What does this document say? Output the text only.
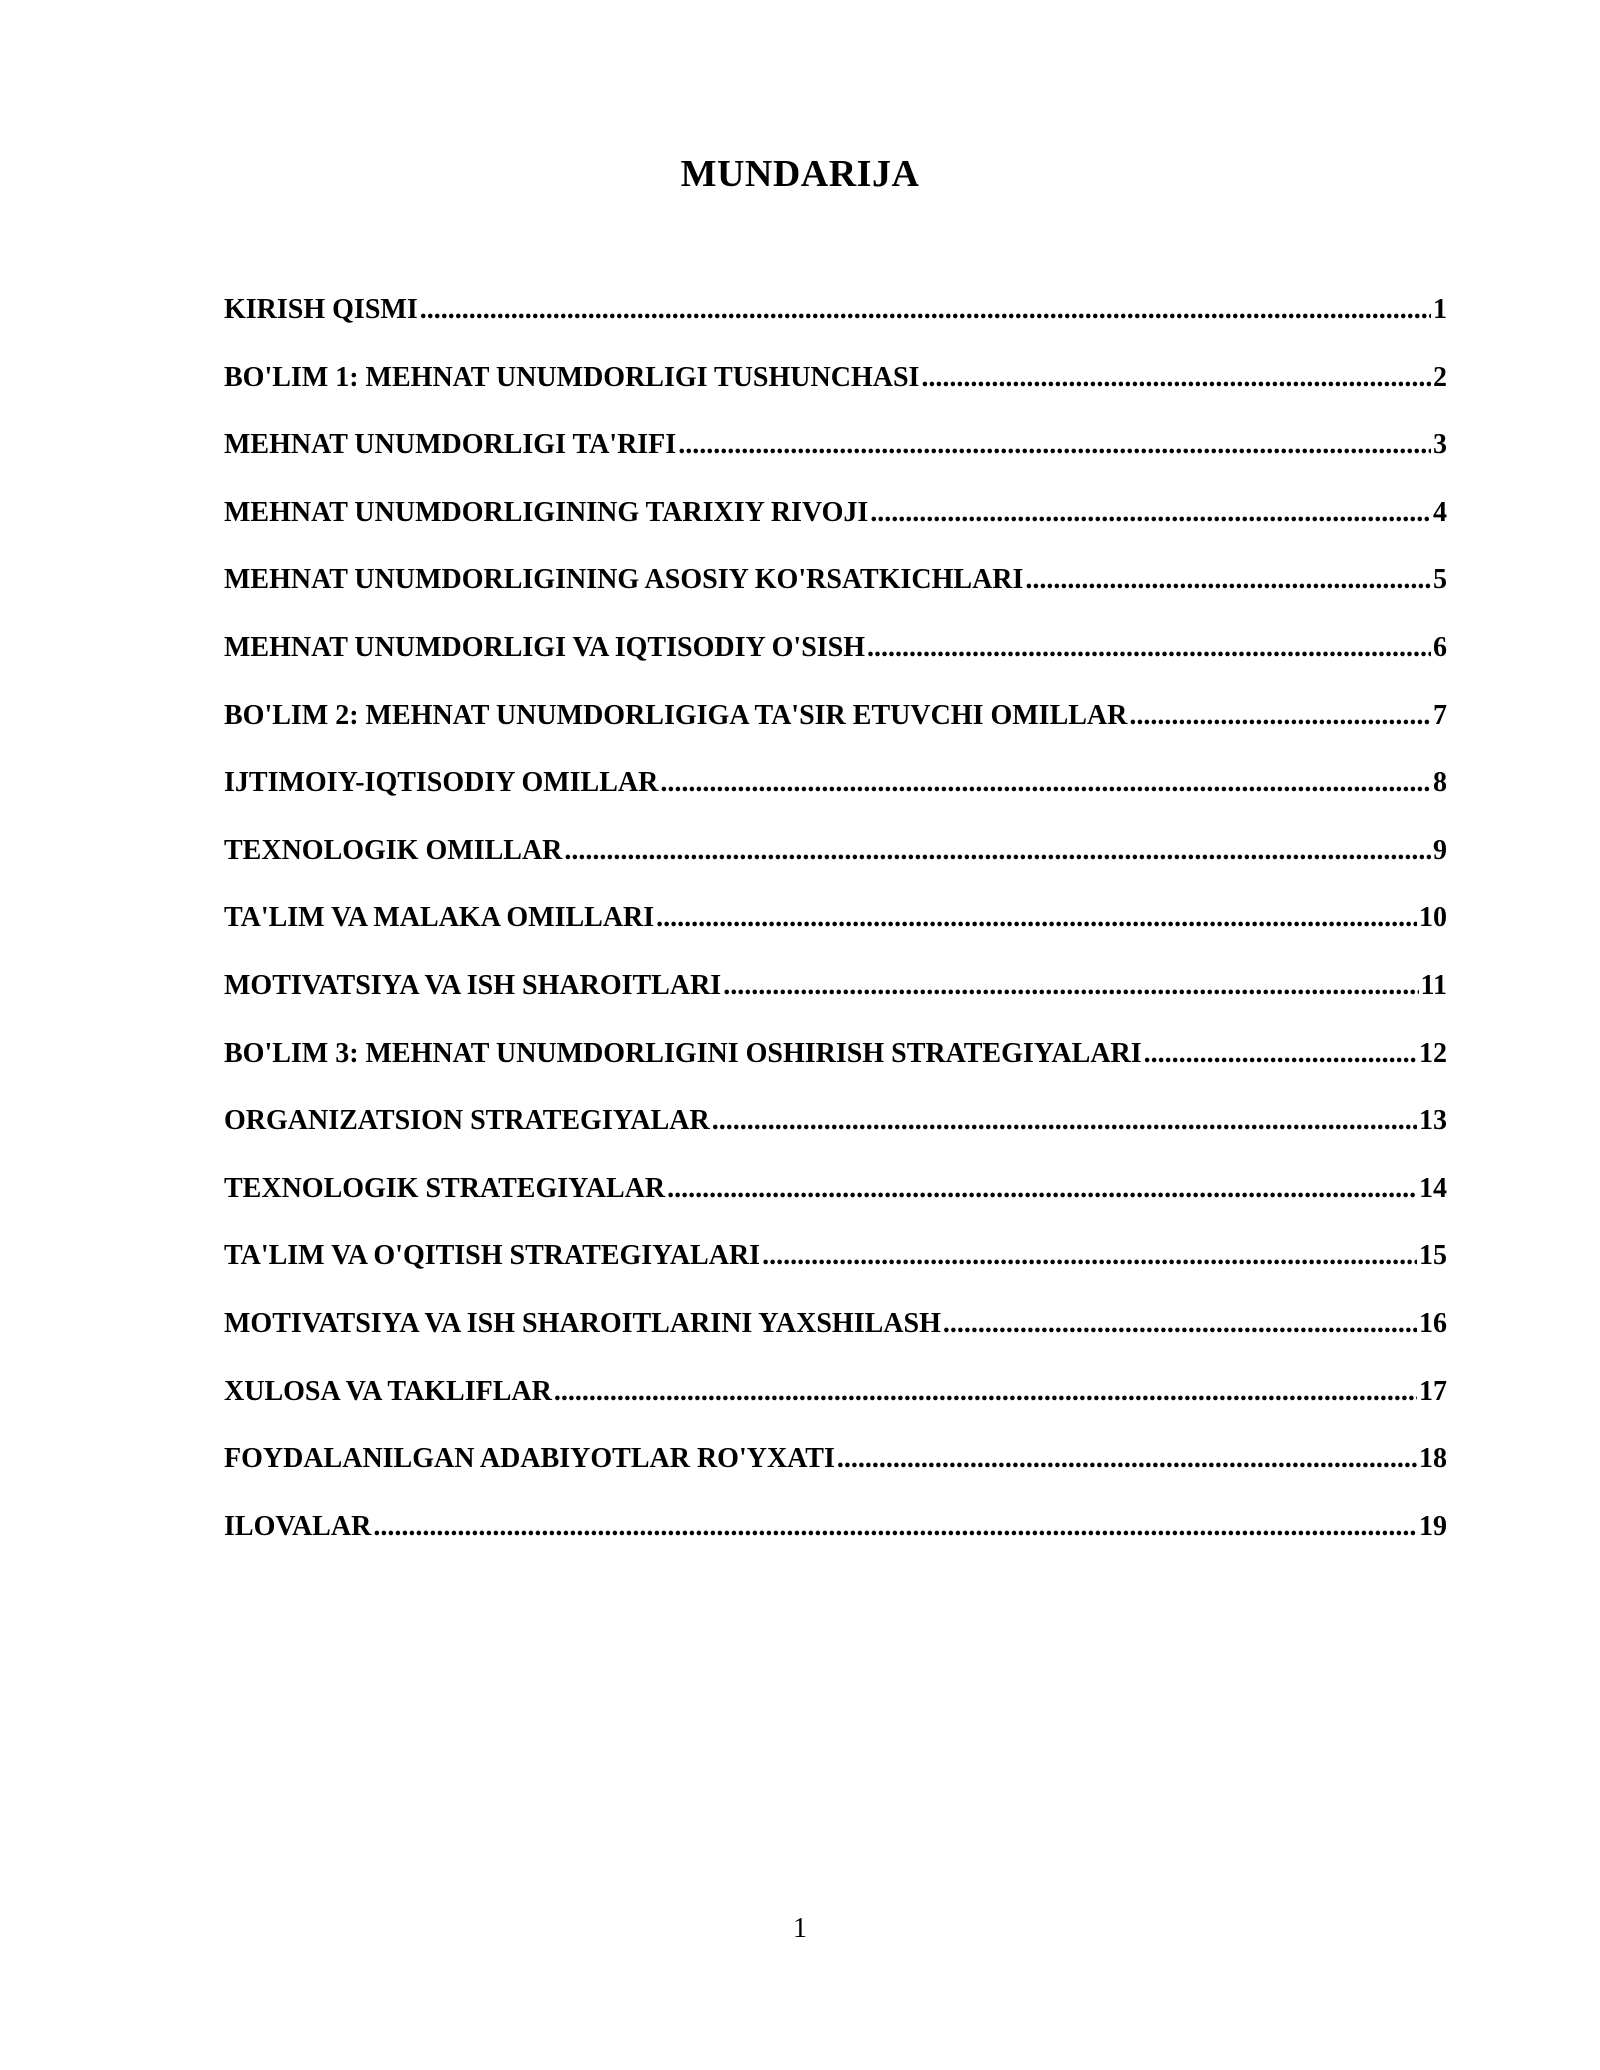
MUNDARIJA
KIRISH QISMI .....	1
BO'LIM 1: MEHNAT UNUMDORLIGI TUSHUNCHASI .....	2
MEHNAT UNUMDORLIGI TA'RIFI .....	3
MEHNAT UNUMDORLIGINING TARIXIY RIVOJI .....	4
MEHNAT UNUMDORLIGINING ASOSIY KO'RSATKICHLARI .....	5
MEHNAT UNUMDORLIGI VA IQTISODIY O'SISH .....	6
BO'LIM 2: MEHNAT UNUMDORLIGIGA TA'SIR ETUVCHI OMILLAR .....	7
IJTIMOIY-IQTISODIY OMILLAR .....	8
TEXNOLOGIK OMILLAR .....	9
TA'LIM VA MALAKA OMILLARI .....	10
MOTIVATSIYA VA ISH SHAROITLARI .....	11
BO'LIM 3: MEHNAT UNUMDORLIGINI OSHIRISH STRATEGIYALARI .....	12
ORGANIZATSION STRATEGIYALAR .....	13
TEXNOLOGIK STRATEGIYALAR .....	14
TA'LIM VA O'QITISH STRATEGIYALARI .....	15
MOTIVATSIYA VA ISH SHAROITLARINI YAXSHILASH .....	16
XULOSA VA TAKLIFLAR .....	17
FOYDALANILGAN ADABIYOTLAR RO'YXATI .....	18
ILOVALAR .....	19
1
